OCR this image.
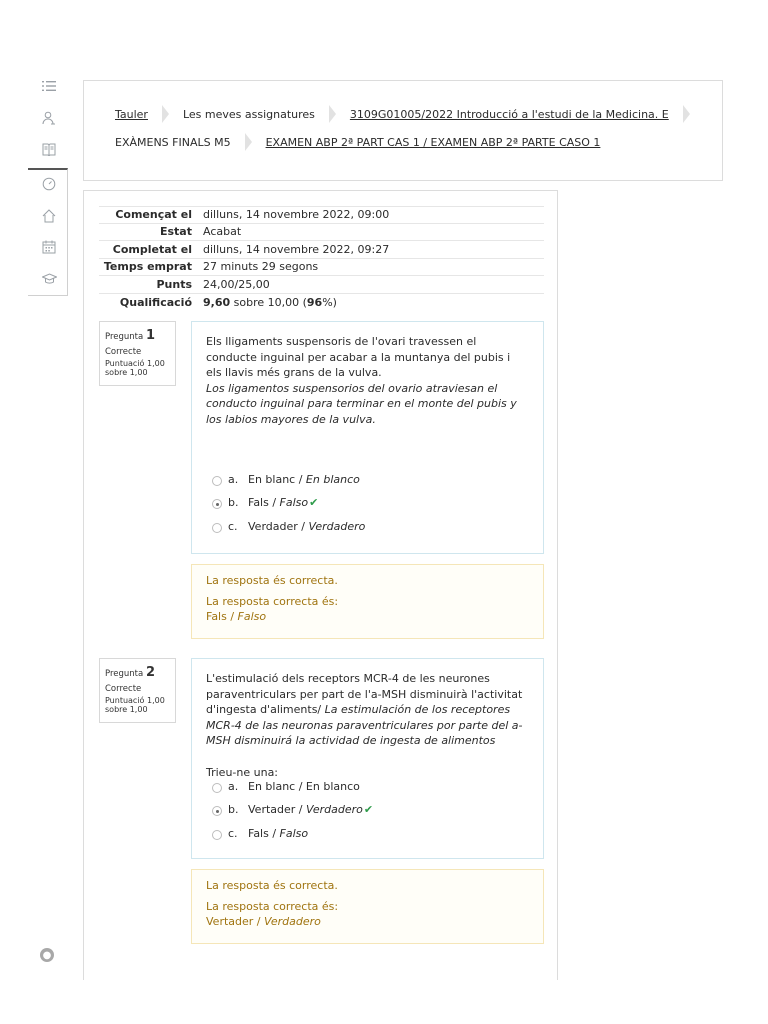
●
Tauler	Les meves assignatures	3109G01005/2022 Introducció a l'estudi de la Medicina. E
EXÀMENS FINALS M5	EXAMEN ABP 2ª PART CAS 1 / EXAMEN ABP 2ª PARTE CASO 1
Començat el	dilluns, 14 novembre 2022, 09:00
Estat	Acabat
Completat el	dilluns, 14 novembre 2022, 09:27
Temps emprat	27 minuts 29 segons
Punts	24,00/25,00
Qualificació	9,60 sobre 10,00 (96%)
Pregunta 1
Correcte
Puntuació 1,00
sobre 1,00
Els lligaments suspensoris de l'ovari travessen el conducte inguinal per acabar a la muntanya del pubis i els llavis més grans de la vulva.
Los ligamentos suspensorios del ovario atraviesan el conducto inguinal para terminar en el monte del pubis y los labios mayores de la vulva.
a. En blanc / En blanco
b. Fals / Falso ✔
c. Verdader / Verdadero
La resposta és correcta.
La resposta correcta és:
Fals / Falso
Pregunta 2
Correcte
Puntuació 1,00
sobre 1,00
L'estimulació dels receptors MCR-4 de les neurones paraventriculars per part de l'a-MSH disminuirà l'activitat d'ingesta d'aliments/ La estimulación de los receptores MCR-4 de las neuronas paraventriculares por parte del a-MSH disminuirá la actividad de ingesta de alimentos
Trieu-ne una:
a. En blanc / En blanco
b. Vertader / Verdadero ✔
c. Fals / Falso
La resposta és correcta.
La resposta correcta és:
Vertader / Verdadero
